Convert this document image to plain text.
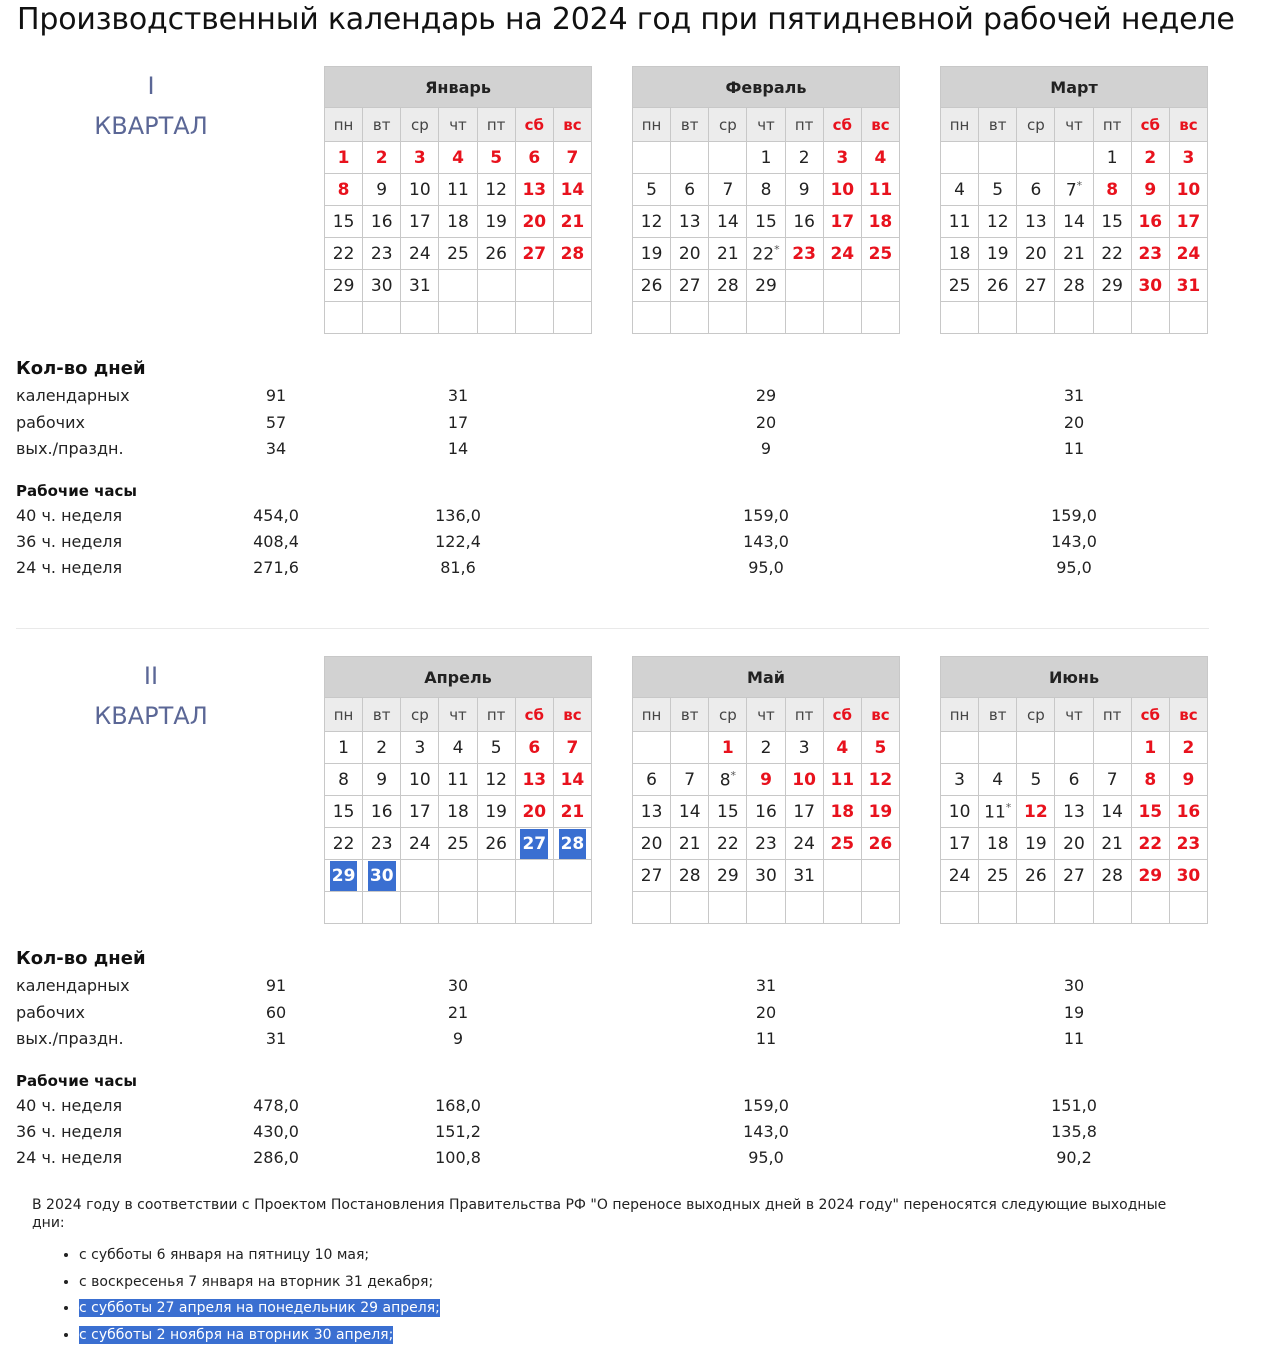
Производственный календарь на 2024 год при пятидневной рабочей неделе
I
КВАРТАЛ
Январь						
пн	вт	ср	чт	пт	сб	вс
1	2	3	4	5	6	7
8	9	10	11	12	13	14
15	16	17	18	19	20	21
22	23	24	25	26	27	28
29	30	31				

Февраль						
пн	вт	ср	чт	пт	сб	вс
			1	2	3	4
5	6	7	8	9	10	11
12	13	14	15	16	17	18
19	20	21	22*	23	24	25
26	27	28	29			

Март						
пн	вт	ср	чт	пт	сб	вс
				1	2	3
4	5	6	7*	8	9	10
11	12	13	14	15	16	17
18	19	20	21	22	23	24
25	26	27	28	29	30	31

Кол-во дней
календарных	91	31	29	31
рабочих	57	17	20	20
вых./праздн.	34	14	9	11
Рабочие часы
40 ч. неделя	454,0	136,0	159,0	159,0
36 ч. неделя	408,4	122,4	143,0	143,0
24 ч. неделя	271,6	81,6	95,0	95,0
II
КВАРТАЛ
Апрель						
пн	вт	ср	чт	пт	сб	вс
1	2	3	4	5	6	7
8	9	10	11	12	13	14
15	16	17	18	19	20	21
22	23	24	25	26	27	28
29	30					

Май						
пн	вт	ср	чт	пт	сб	вс
		1	2	3	4	5
6	7	8*	9	10	11	12
13	14	15	16	17	18	19
20	21	22	23	24	25	26
27	28	29	30	31		

Июнь						
пн	вт	ср	чт	пт	сб	вс
					1	2
3	4	5	6	7	8	9
10	11*	12	13	14	15	16
17	18	19	20	21	22	23
24	25	26	27	28	29	30

Кол-во дней
календарных	91	30	31	30
рабочих	60	21	20	19
вых./праздн.	31	9	11	11
Рабочие часы
40 ч. неделя	478,0	168,0	159,0	151,0
36 ч. неделя	430,0	151,2	143,0	135,8
24 ч. неделя	286,0	100,8	95,0	90,2
В 2024 году в соответствии с Проектом Постановления Правительства РФ "О переносе выходных дней в 2024 году" переносятся следующие выходные дни:
• с субботы 6 января на пятницу 10 мая;
• с воскресенья 7 января на вторник 31 декабря;
• с субботы 27 апреля на понедельник 29 апреля;
• с субботы 2 ноября на вторник 30 апреля;
